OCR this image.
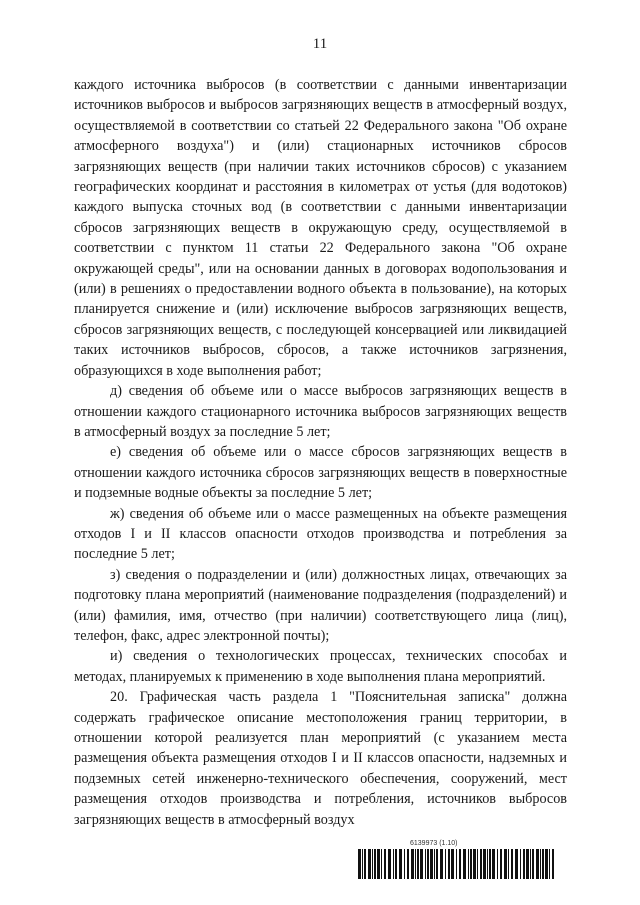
11

каждого источника выбросов (в соответствии с данными инвентаризации источников выбросов и выбросов загрязняющих веществ в атмосферный воздух, осуществляемой в соответствии со статьей 22 Федерального закона "Об охране атмосферного воздуха") и (или) стационарных источников сбросов загрязняющих веществ (при наличии таких источников сбросов) с указанием географических координат и расстояния в километрах от устья (для водотоков) каждого выпуска сточных вод (в соответствии с данными инвентаризации сбросов загрязняющих веществ в окружающую среду, осуществляемой в соответствии с пунктом 11 статьи 22 Федерального закона "Об охране окружающей среды", или на основании данных в договорах водопользования и (или) в решениях о предоставлении водного объекта в пользование), на которых планируется снижение и (или) исключение выбросов загрязняющих веществ, сбросов загрязняющих веществ, с последующей консервацией или ликвидацией таких источников выбросов, сбросов, а также источников загрязнения, образующихся в ходе выполнения работ;

д) сведения об объеме или о массе выбросов загрязняющих веществ в отношении каждого стационарного источника выбросов загрязняющих веществ в атмосферный воздух за последние 5 лет;

е) сведения об объеме или о массе сбросов загрязняющих веществ в отношении каждого источника сбросов загрязняющих веществ в поверхностные и подземные водные объекты за последние 5 лет;

ж) сведения об объеме или о массе размещенных на объекте размещения отходов I и II классов опасности отходов производства и потребления за последние 5 лет;

з) сведения о подразделении и (или) должностных лицах, отвечающих за подготовку плана мероприятий (наименование подразделения (подразделений) и (или) фамилия, имя, отчество (при наличии) соответствующего лица (лиц), телефон, факс, адрес электронной почты);

и) сведения о технологических процессах, технических способах и методах, планируемых к применению в ходе выполнения плана мероприятий.

20. Графическая часть раздела 1 "Пояснительная записка" должна содержать графическое описание местоположения границ территории, в отношении которой реализуется план мероприятий (с указанием места размещения объекта размещения отходов I и II классов опасности, надземных и подземных сетей инженерно-технического обеспечения, сооружений, мест размещения отходов производства и потребления, источников выбросов загрязняющих веществ в атмосферный воздух

6139973 (1.10)
